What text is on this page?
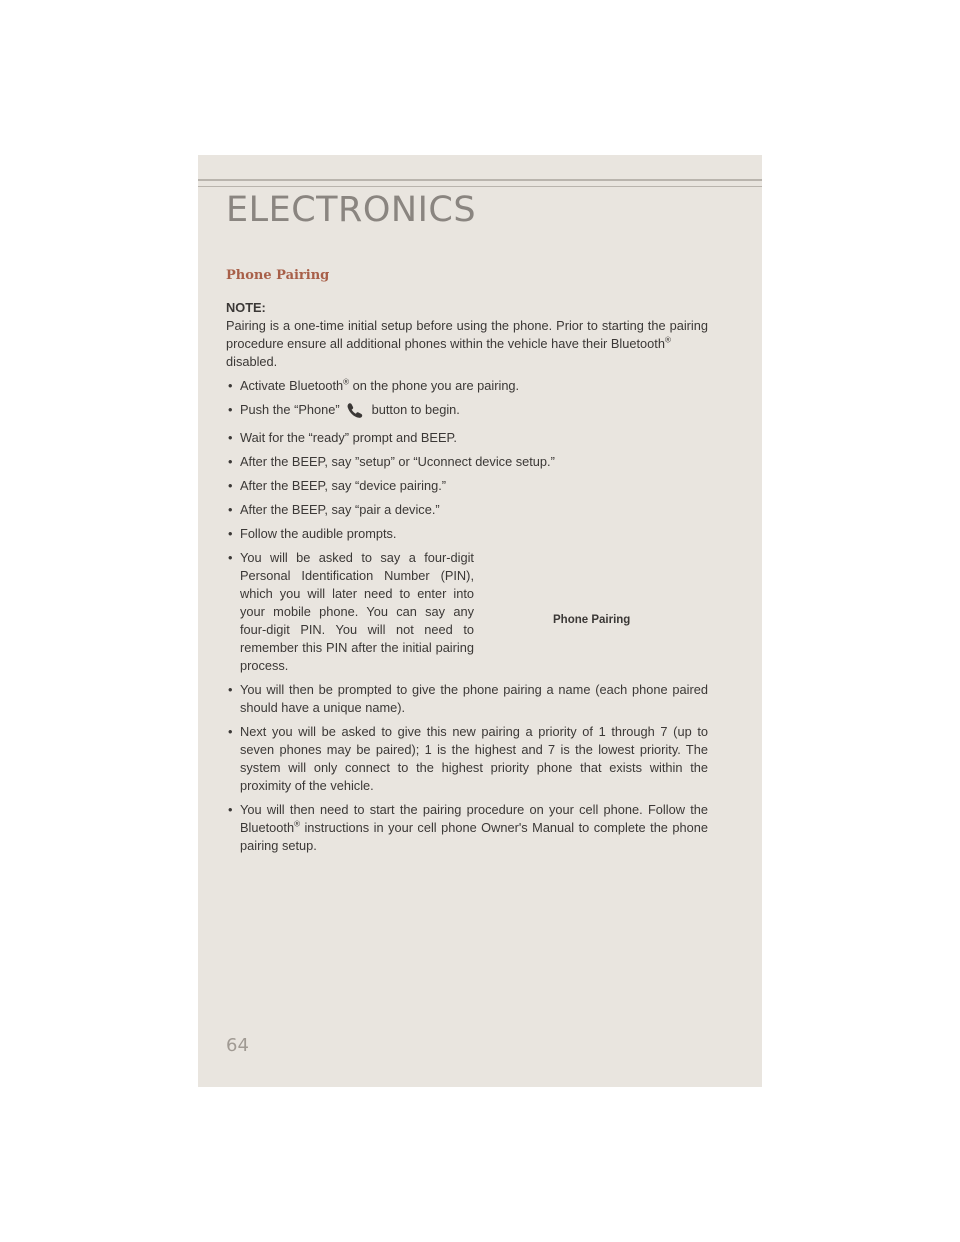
ELECTRONICS
Phone Pairing

NOTE:

Pairing is a one-time initial setup before using the phone. Prior to starting the pairing procedure ensure all additional phones within the vehicle have their Bluetooth®
disabled.

• Activate Bluetooth® on the phone you are pairing.
• Push the “Phone”	button to begin.
• Wait for the “ready” prompt and BEEP.
• After the BEEP, say ”setup” or “Uconnect device setup.”
• After the BEEP, say “device pairing.”
• After the BEEP, say “pair a device.”
• Follow the audible prompts.
• You will be asked to say a four-digit Personal Identification Number (PIN), which you will later need to enter into your mobile phone. You can say any four-digit PIN. You will not need to remember this PIN after the initial pairing process.
• You will then be prompted to give the phone pairing a name (each phone paired should have a unique name).
• Next you will be asked to give this new pairing a priority of 1 through 7 (up to seven phones may be paired); 1 is the highest and 7 is the lowest priority. The system will only connect to the highest priority phone that exists within the proximity of the vehicle.
• You will then need to start the pairing procedure on your cell phone. Follow the Bluetooth® instructions in your cell phone Owner's Manual to complete the phone pairing setup.
Phone Pairing
64
